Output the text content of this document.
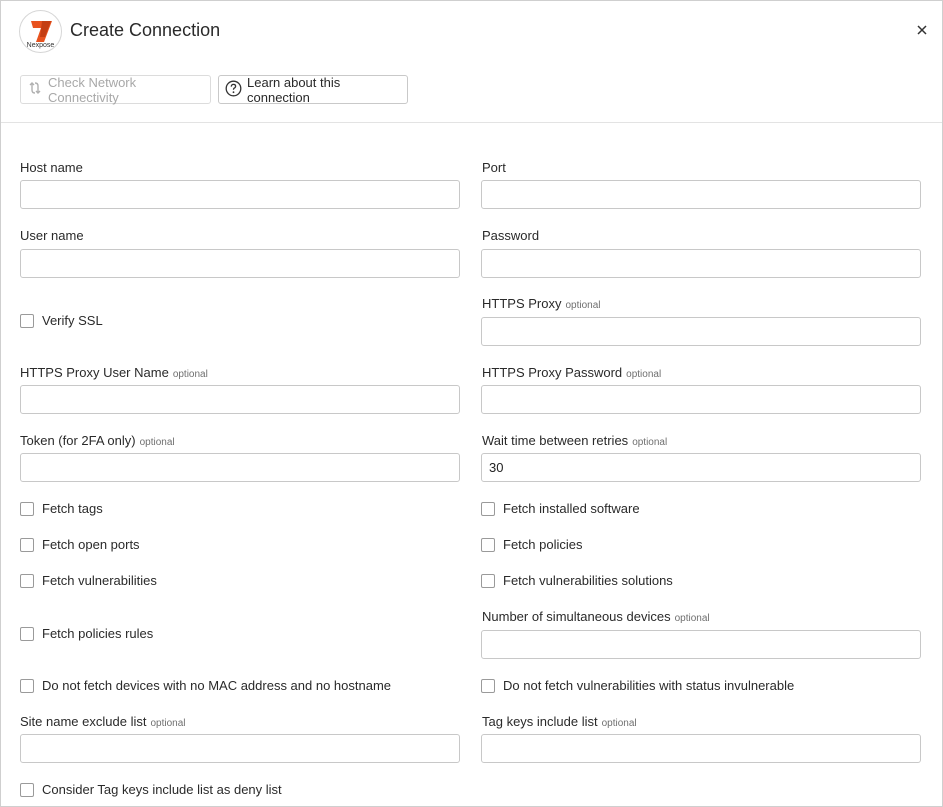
Nexpose
Create Connection
Check Network Connectivity
Learn about this connection
Host name	Port
User name	Password
Verify SSL
HTTPS Proxy optional
HTTPS Proxy User Name optional	HTTPS Proxy Password optional
Token (for 2FA only) optional	Wait time between retries optional
30
Fetch tags	Fetch installed software
Fetch open ports	Fetch policies
Fetch vulnerabilities	Fetch vulnerabilities solutions
Fetch policies rules
Number of simultaneous devices optional
Do not fetch devices with no MAC address and no hostname	Do not fetch vulnerabilities with status invulnerable
Site name exclude list optional	Tag keys include list optional
Consider Tag keys include list as deny list
